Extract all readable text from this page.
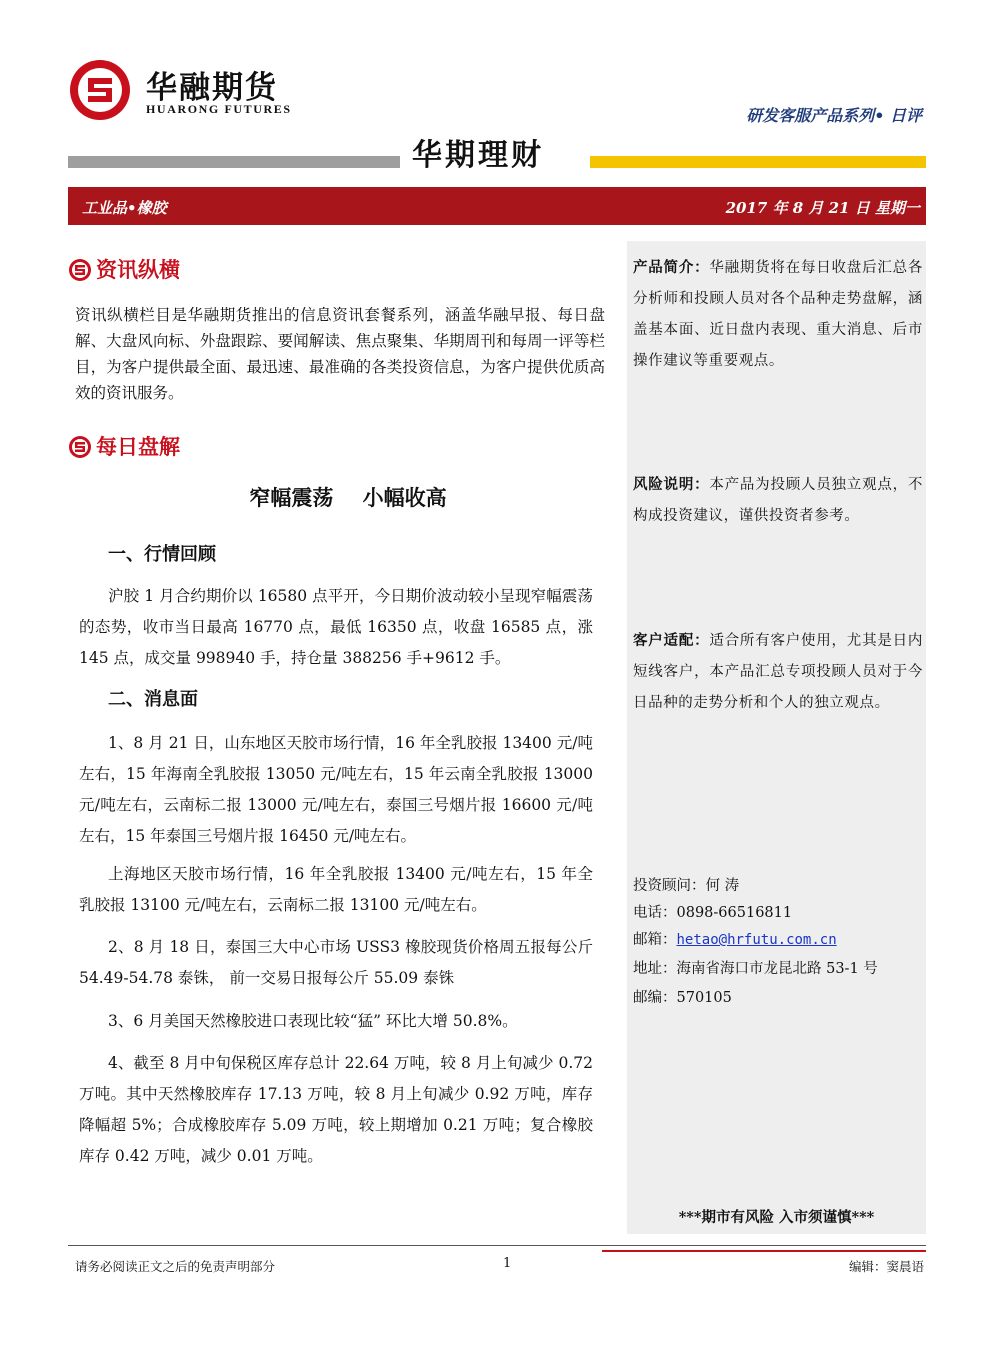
华融期货
HUARONG FUTURES	研发客服产品系列• 日评
华期理财
工业品•橡胶	2017 年 8 月 21 日 星期一
产品简介：华融期货将在每日收盘后汇总各分析师和投顾人员对各个品种走势盘解，涵盖基本面、近日盘内表现、重大消息、后市操作建议等重要观点。
风险说明：本产品为投顾人员独立观点，不构成投资建议，谨供投资者参考。
客户适配：适合所有客户使用，尤其是日内短线客户，本产品汇总专项投顾人员对于今日品种的走势分析和个人的独立观点。
投资顾问：何 涛
电话：0898-66516811
邮箱：hetao@hrfutu.com.cn
地址：海南省海口市龙昆北路 53-1 号
邮编：570105
***期市有风险 入市须谨慎***
资讯纵横
资讯纵横栏目是华融期货推出的信息资讯套餐系列，涵盖华融早报、每日盘解、大盘风向标、外盘跟踪、要闻解读、焦点聚集、华期周刊和每周一评等栏目，为客户提供最全面、最迅速、最准确的各类投资信息，为客户提供优质高效的资讯服务。
每日盘解
窄幅震荡    小幅收高
一、行情回顾
沪胶 1 月合约期价以 16580 点平开，今日期价波动较小呈现窄幅震荡的态势，收市当日最高 16770 点，最低 16350 点，收盘 16585 点，涨 145 点，成交量 998940 手，持仓量 388256 手+9612 手。
二、消息面
1、8 月 21 日，山东地区天胶市场行情，16 年全乳胶报 13400 元/吨左右，15 年海南全乳胶报 13050 元/吨左右，15 年云南全乳胶报 13000 元/吨左右，云南标二报 13000 元/吨左右，泰国三号烟片报 16600 元/吨左右，15 年泰国三号烟片报 16450 元/吨左右。
上海地区天胶市场行情，16 年全乳胶报 13400 元/吨左右，15 年全乳胶报 13100 元/吨左右，云南标二报 13100 元/吨左右。
2、8 月 18 日，泰国三大中心市场 USS3 橡胶现货价格周五报每公斤 54.49-54.78 泰铢， 前一交易日报每公斤 55.09 泰铢
3、6 月美国天然橡胶进口表现比较“猛” 环比大增 50.8%。
4、截至 8 月中旬保税区库存总计 22.64 万吨，较 8 月上旬减少 0.72 万吨。其中天然橡胶库存 17.13 万吨，较 8 月上旬减少 0.92 万吨，库存降幅超 5%；合成橡胶库存 5.09 万吨，较上期增加 0.21 万吨；复合橡胶库存 0.42 万吨，减少 0.01 万吨。
请务必阅读正文之后的免责声明部分	1	编辑：窦晨语
